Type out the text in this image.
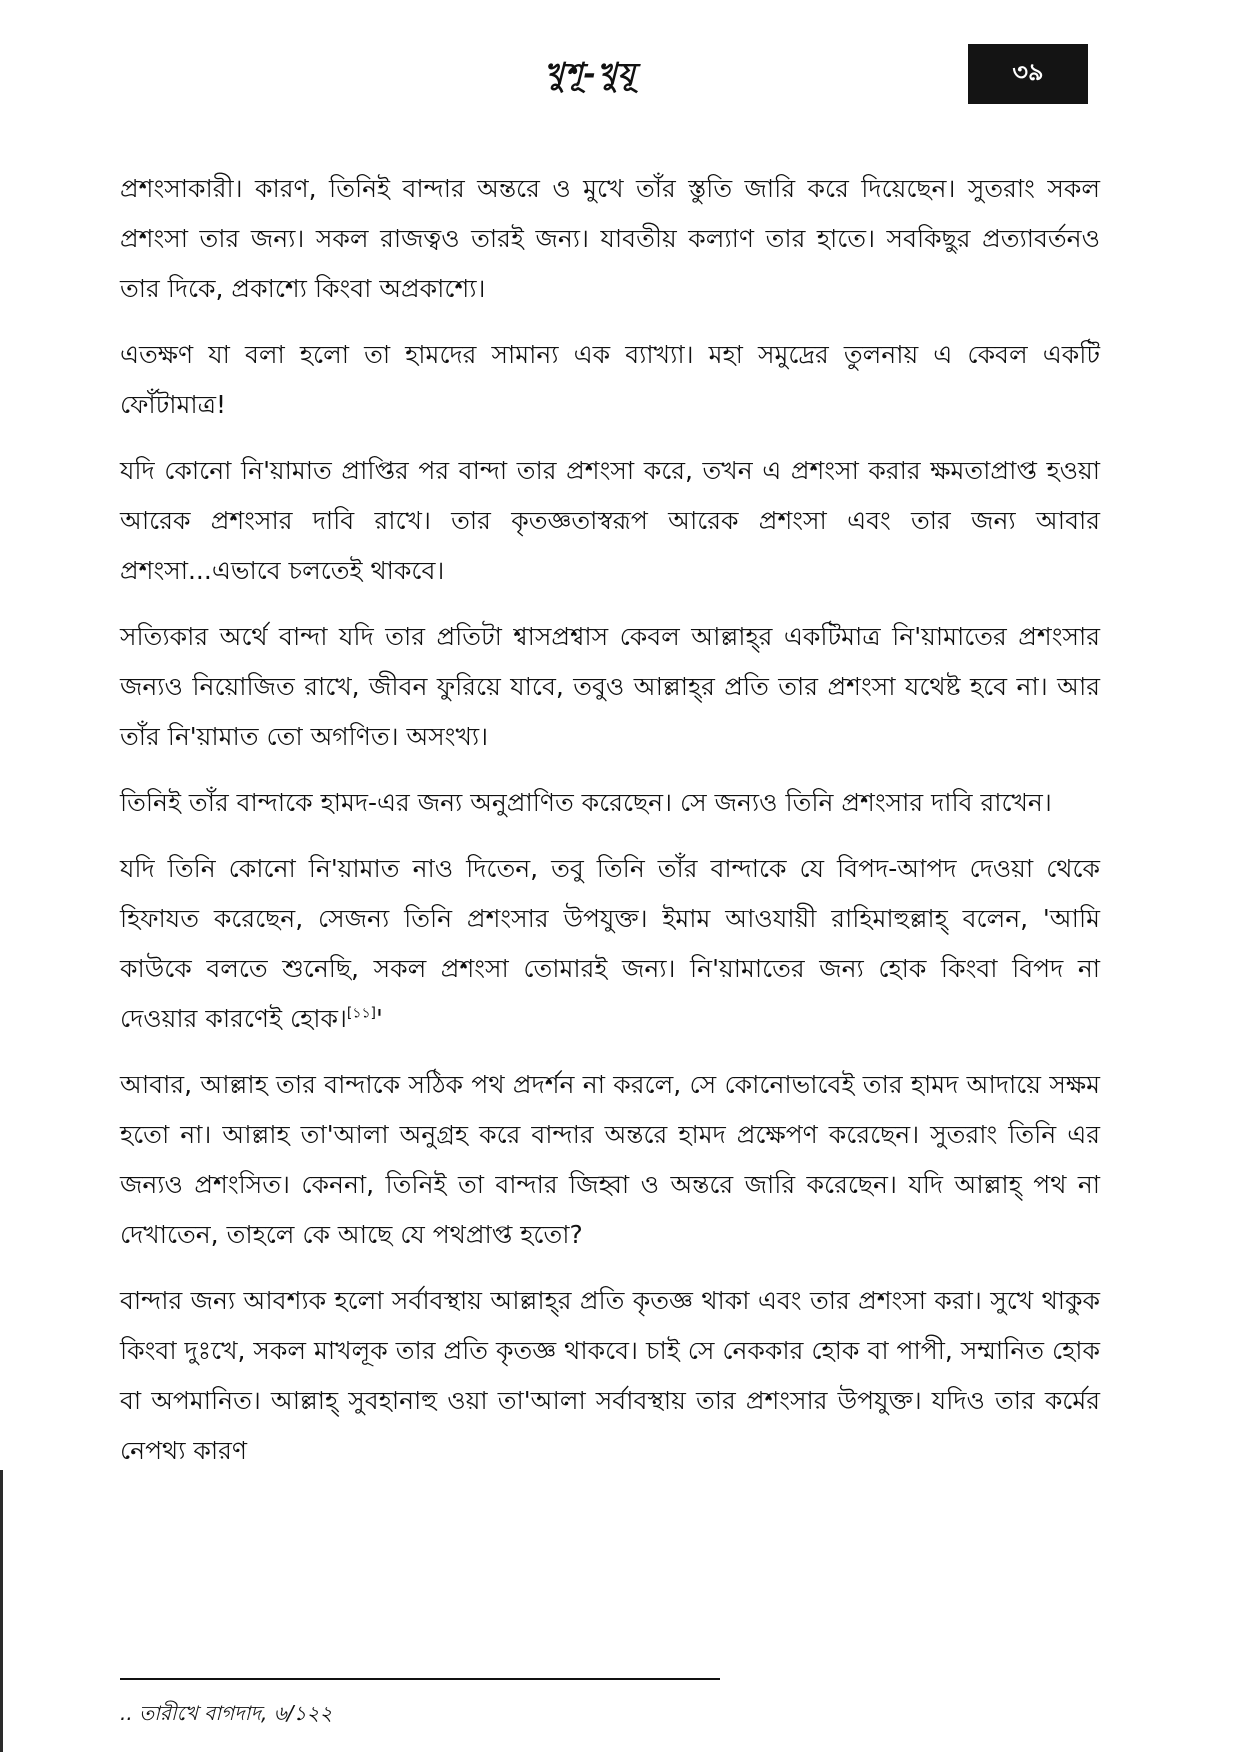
খুশূ-খুযূ	৩৯

প্রশংসাকারী। কারণ, তিনিই বান্দার অন্তরে ও মুখে তাঁর স্তুতি জারি করে দিয়েছেন। সুতরাং সকল প্রশংসা তার জন্য। সকল রাজত্বও তারই জন্য। যাবতীয় কল্যাণ তার হাতে। সবকিছুর প্রত্যাবর্তনও তার দিকে, প্রকাশ্যে কিংবা অপ্রকাশ্যে।

এতক্ষণ যা বলা হলো তা হামদের সামান্য এক ব্যাখ্যা। মহা সমুদ্রের তুলনায় এ কেবল একটি ফোঁটামাত্র!

যদি কোনো নি'য়ামাত প্রাপ্তির পর বান্দা তার প্রশংসা করে, তখন এ প্রশংসা করার ক্ষমতাপ্রাপ্ত হওয়া আরেক প্রশংসার দাবি রাখে। তার কৃতজ্ঞতাস্বরূপ আরেক প্রশংসা এবং তার জন্য আবার প্রশংসা...এভাবে চলতেই থাকবে।

সত্যিকার অর্থে বান্দা যদি তার প্রতিটা শ্বাসপ্রশ্বাস কেবল আল্লাহ্‌র একটিমাত্র নি'য়ামাতের প্রশংসার জন্যও নিয়োজিত রাখে, জীবন ফুরিয়ে যাবে, তবুও আল্লাহ্‌র প্রতি তার প্রশংসা যথেষ্ট হবে না। আর তাঁর নি'য়ামাত তো অগণিত। অসংখ্য।

তিনিই তাঁর বান্দাকে হামদ-এর জন্য অনুপ্রাণিত করেছেন। সে জন্যও তিনি প্রশংসার দাবি রাখেন।

যদি তিনি কোনো নি'য়ামাত নাও দিতেন, তবু তিনি তাঁর বান্দাকে যে বিপদ-আপদ দেওয়া থেকে হিফাযত করেছেন, সেজন্য তিনি প্রশংসার উপযুক্ত। ইমাম আওযায়ী রাহিমাহুল্লাহ্‌ বলেন, 'আমি কাউকে বলতে শুনেছি, সকল প্রশংসা তোমারই জন্য। নি'য়ামাতের জন্য হোক কিংবা বিপদ না দেওয়ার কারণেই হোক।[১১]'

আবার, আল্লাহ তার বান্দাকে সঠিক পথ প্রদর্শন না করলে, সে কোনোভাবেই তার হামদ আদায়ে সক্ষম হতো না। আল্লাহ তা'আলা অনুগ্রহ করে বান্দার অন্তরে হামদ প্রক্ষেপণ করেছেন। সুতরাং তিনি এর জন্যও প্রশংসিত। কেননা, তিনিই তা বান্দার জিহ্বা ও অন্তরে জারি করেছেন। যদি আল্লাহ্‌ পথ না দেখাতেন, তাহলে কে আছে যে পথপ্রাপ্ত হতো?

বান্দার জন্য আবশ্যক হলো সর্বাবস্থায় আল্লাহ্‌র প্রতি কৃতজ্ঞ থাকা এবং তার প্রশংসা করা। সুখে থাকুক কিংবা দুঃখে, সকল মাখলূক তার প্রতি কৃতজ্ঞ থাকবে। চাই সে নেককার হোক বা পাপী, সম্মানিত হোক বা অপমানিত। আল্লাহ্‌ সুবহানাহু ওয়া তা'আলা সর্বাবস্থায় তার প্রশংসার উপযুক্ত। যদিও তার কর্মের নেপথ্য কারণ

.. তারীখে বাগদাদ, ৬/১২২
